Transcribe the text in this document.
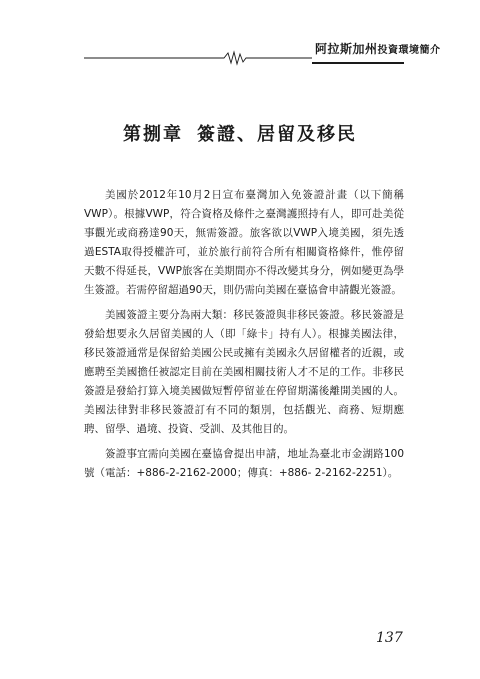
阿拉斯加州投資環境簡介
第捌章 簽證、居留及移民

美國於2012年10月2日宣布臺灣加入免簽證計畫（以下簡稱VWP）。根據VWP，符合資格及條件之臺灣護照持有人，即可赴美從事觀光或商務達90天，無需簽證。旅客欲以VWP入境美國，須先透過ESTA取得授權許可，並於旅行前符合所有相關資格條件，惟停留天數不得延長，VWP旅客在美期間亦不得改變其身分，例如變更為學生簽證。若需停留超過90天，則仍需向美國在臺協會申請觀光簽證。

美國簽證主要分為兩大類：移民簽證與非移民簽證。移民簽證是發給想要永久居留美國的人（即「綠卡」持有人）。根據美國法律，移民簽證通常是保留給美國公民或擁有美國永久居留權者的近親，或應聘至美國擔任被認定目前在美國相關技術人才不足的工作。非移民簽證是發給打算入境美國做短暫停留並在停留期滿後離開美國的人。美國法律對非移民簽證訂有不同的類別，包括觀光、商務、短期應聘、留學、過境、投資、受訓、及其他目的。

簽證事宜需向美國在臺協會提出申請，地址為臺北市金湖路100號（電話：+886-2-2162-2000；傳真：+886- 2-2162-2251）。

137
